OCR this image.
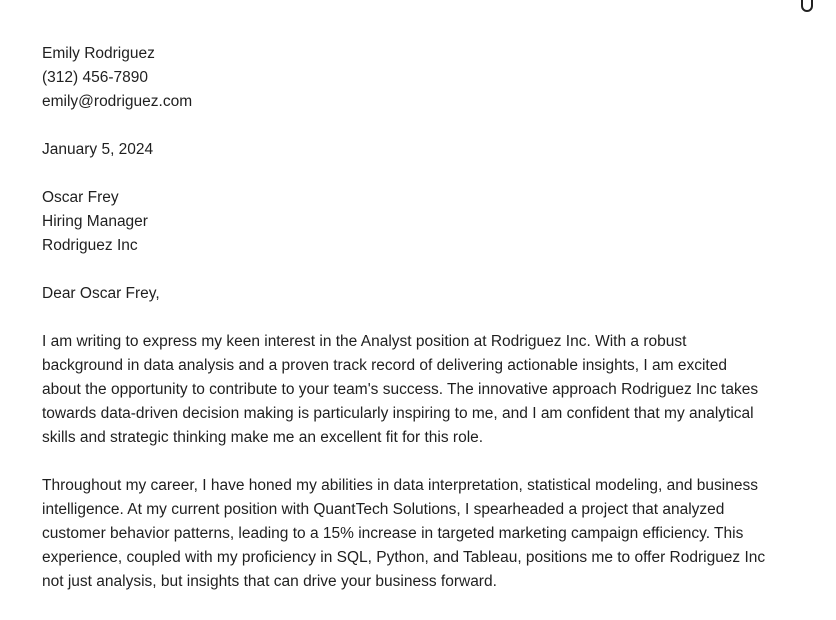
Emily Rodriguez
(312) 456-7890
emily@rodriguez.com

January 5, 2024

Oscar Frey
Hiring Manager
Rodriguez Inc

Dear Oscar Frey,

I am writing to express my keen interest in the Analyst position at Rodriguez Inc. With a robust
background in data analysis and a proven track record of delivering actionable insights, I am excited
about the opportunity to contribute to your team's success. The innovative approach Rodriguez Inc takes
towards data-driven decision making is particularly inspiring to me, and I am confident that my analytical
skills and strategic thinking make me an excellent fit for this role.

Throughout my career, I have honed my abilities in data interpretation, statistical modeling, and business
intelligence. At my current position with QuantTech Solutions, I spearheaded a project that analyzed
customer behavior patterns, leading to a 15% increase in targeted marketing campaign efficiency. This
experience, coupled with my proficiency in SQL, Python, and Tableau, positions me to offer Rodriguez Inc
not just analysis, but insights that can drive your business forward.
